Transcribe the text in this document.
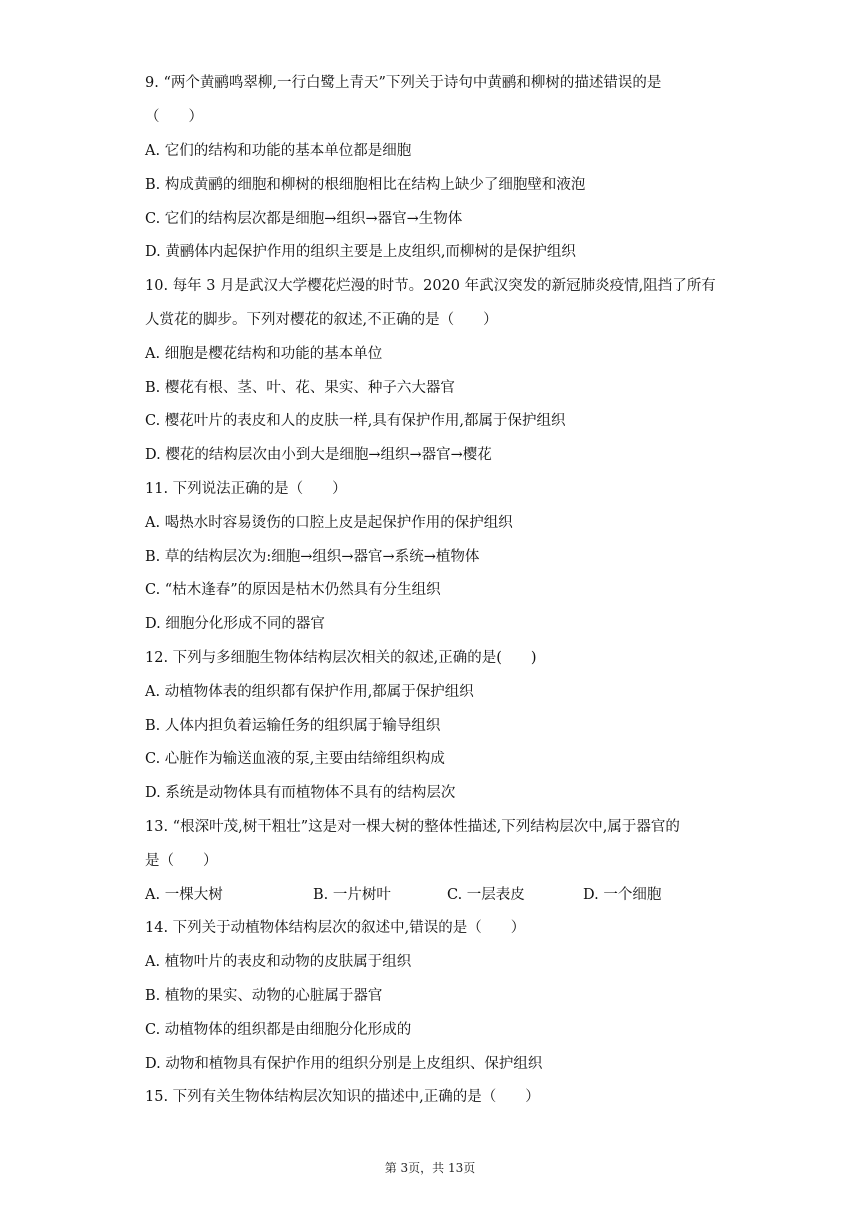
9. “两个黄鹂鸣翠柳,一行白鹭上青天”下列关于诗句中黄鹂和柳树的描述错误的是
（　　）
A. 它们的结构和功能的基本单位都是细胞
B. 构成黄鹂的细胞和柳树的根细胞相比在结构上缺少了细胞壁和液泡
C. 它们的结构层次都是细胞→组织→器官→生物体
D. 黄鹂体内起保护作用的组织主要是上皮组织,而柳树的是保护组织
10. 每年 3 月是武汉大学樱花烂漫的时节。2020 年武汉突发的新冠肺炎疫情,阻挡了所有
人赏花的脚步。下列对樱花的叙述,不正确的是（　　）
A. 细胞是樱花结构和功能的基本单位
B. 樱花有根、茎、叶、花、果实、种子六大器官
C. 樱花叶片的表皮和人的皮肤一样,具有保护作用,都属于保护组织
D. 樱花的结构层次由小到大是细胞→组织→器官→樱花
11. 下列说法正确的是（　　）
A. 喝热水时容易烫伤的口腔上皮是起保护作用的保护组织
B. 草的结构层次为:细胞→组织→器官→系统→植物体
C. “枯木逢春”的原因是枯木仍然具有分生组织
D. 细胞分化形成不同的器官
12. 下列与多细胞生物体结构层次相关的叙述,正确的是(　　)
A. 动植物体表的组织都有保护作用,都属于保护组织
B. 人体内担负着运输任务的组织属于输导组织
C. 心脏作为输送血液的泵,主要由结缔组织构成
D. 系统是动物体具有而植物体不具有的结构层次
13. “根深叶茂,树干粗壮”这是对一棵大树的整体性描述,下列结构层次中,属于器官的
是（　　）
A. 一棵大树	B. 一片树叶	C. 一层表皮	D. 一个细胞
14. 下列关于动植物体结构层次的叙述中,错误的是（　　）
A. 植物叶片的表皮和动物的皮肤属于组织
B. 植物的果实、动物的心脏属于器官
C. 动植物体的组织都是由细胞分化形成的
D. 动物和植物具有保护作用的组织分别是上皮组织、保护组织
15. 下列有关生物体结构层次知识的描述中,正确的是（　　）
第 3页，共 13页
